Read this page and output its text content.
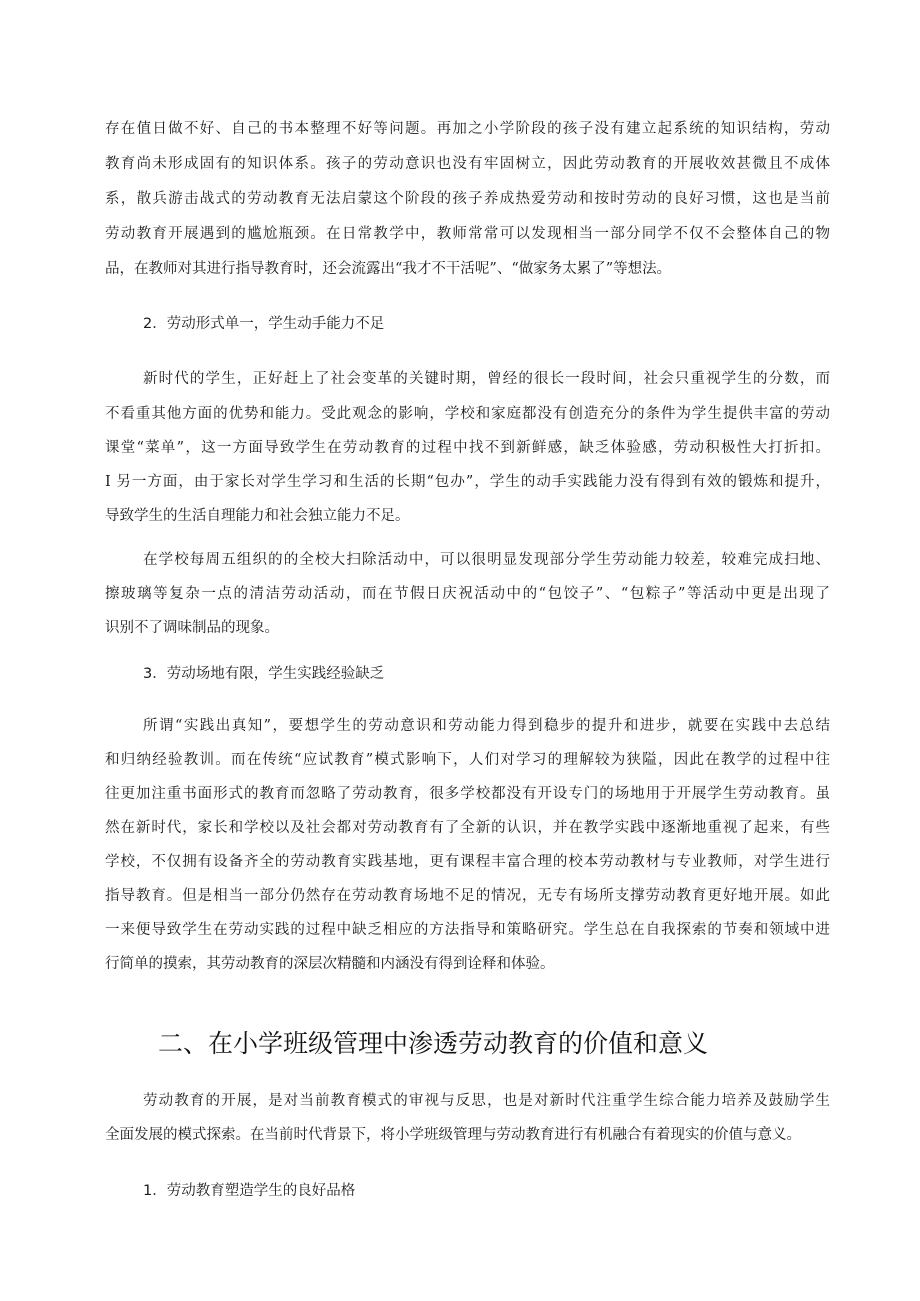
存在值日做不好、自己的书本整理不好等问题。再加之小学阶段的孩子没有建立起系统的知识结构，劳动
教育尚未形成固有的知识体系。孩子的劳动意识也没有牢固树立，因此劳动教育的开展收效甚微且不成体
系，散兵游击战式的劳动教育无法启蒙这个阶段的孩子养成热爱劳动和按时劳动的良好习惯，这也是当前
劳动教育开展遇到的尴尬瓶颈。在日常教学中，教师常常可以发现相当一部分同学不仅不会整体自己的物
品，在教师对其进行指导教育时，还会流露出“我才不干活呢”、“做家务太累了”等想法。
2．劳动形式单一，学生动手能力不足
新时代的学生，正好赶上了社会变革的关键时期，曾经的很长一段时间，社会只重视学生的分数，而
不看重其他方面的优势和能力。受此观念的影响，学校和家庭都没有创造充分的条件为学生提供丰富的劳动
课堂“菜单”，这一方面导致学生在劳动教育的过程中找不到新鲜感，缺乏体验感，劳动积极性大打折扣。
I 另一方面，由于家长对学生学习和生活的长期“包办”，学生的动手实践能力没有得到有效的锻炼和提升，
导致学生的生活自理能力和社会独立能力不足。
在学校每周五组织的的全校大扫除活动中，可以很明显发现部分学生劳动能力较差，较难完成扫地、
擦玻璃等复杂一点的清洁劳动活动，而在节假日庆祝活动中的“包饺子”、“包粽子”等活动中更是出现了
识别不了调味制品的现象。
3．劳动场地有限，学生实践经验缺乏
所谓“实践出真知”，要想学生的劳动意识和劳动能力得到稳步的提升和进步，就要在实践中去总结
和归纳经验教训。而在传统“应试教育”模式影响下，人们对学习的理解较为狭隘，因此在教学的过程中往
往更加注重书面形式的教育而忽略了劳动教育，很多学校都没有开设专门的场地用于开展学生劳动教育。虽
然在新时代，家长和学校以及社会都对劳动教育有了全新的认识，并在教学实践中逐渐地重视了起来，有些
学校，不仅拥有设备齐全的劳动教育实践基地，更有课程丰富合理的校本劳动教材与专业教师，对学生进行
指导教育。但是相当一部分仍然存在劳动教育场地不足的情况，无专有场所支撑劳动教育更好地开展。如此
一来便导致学生在劳动实践的过程中缺乏相应的方法指导和策略研究。学生总在自我探索的节奏和领域中进
行简单的摸索，其劳动教育的深层次精髓和内涵没有得到诠释和体验。
二、在小学班级管理中渗透劳动教育的价值和意义
劳动教育的开展，是对当前教育模式的审视与反思，也是对新时代注重学生综合能力培养及鼓励学生
全面发展的模式探索。在当前时代背景下，将小学班级管理与劳动教育进行有机融合有着现实的价值与意义。
1．劳动教育塑造学生的良好品格
